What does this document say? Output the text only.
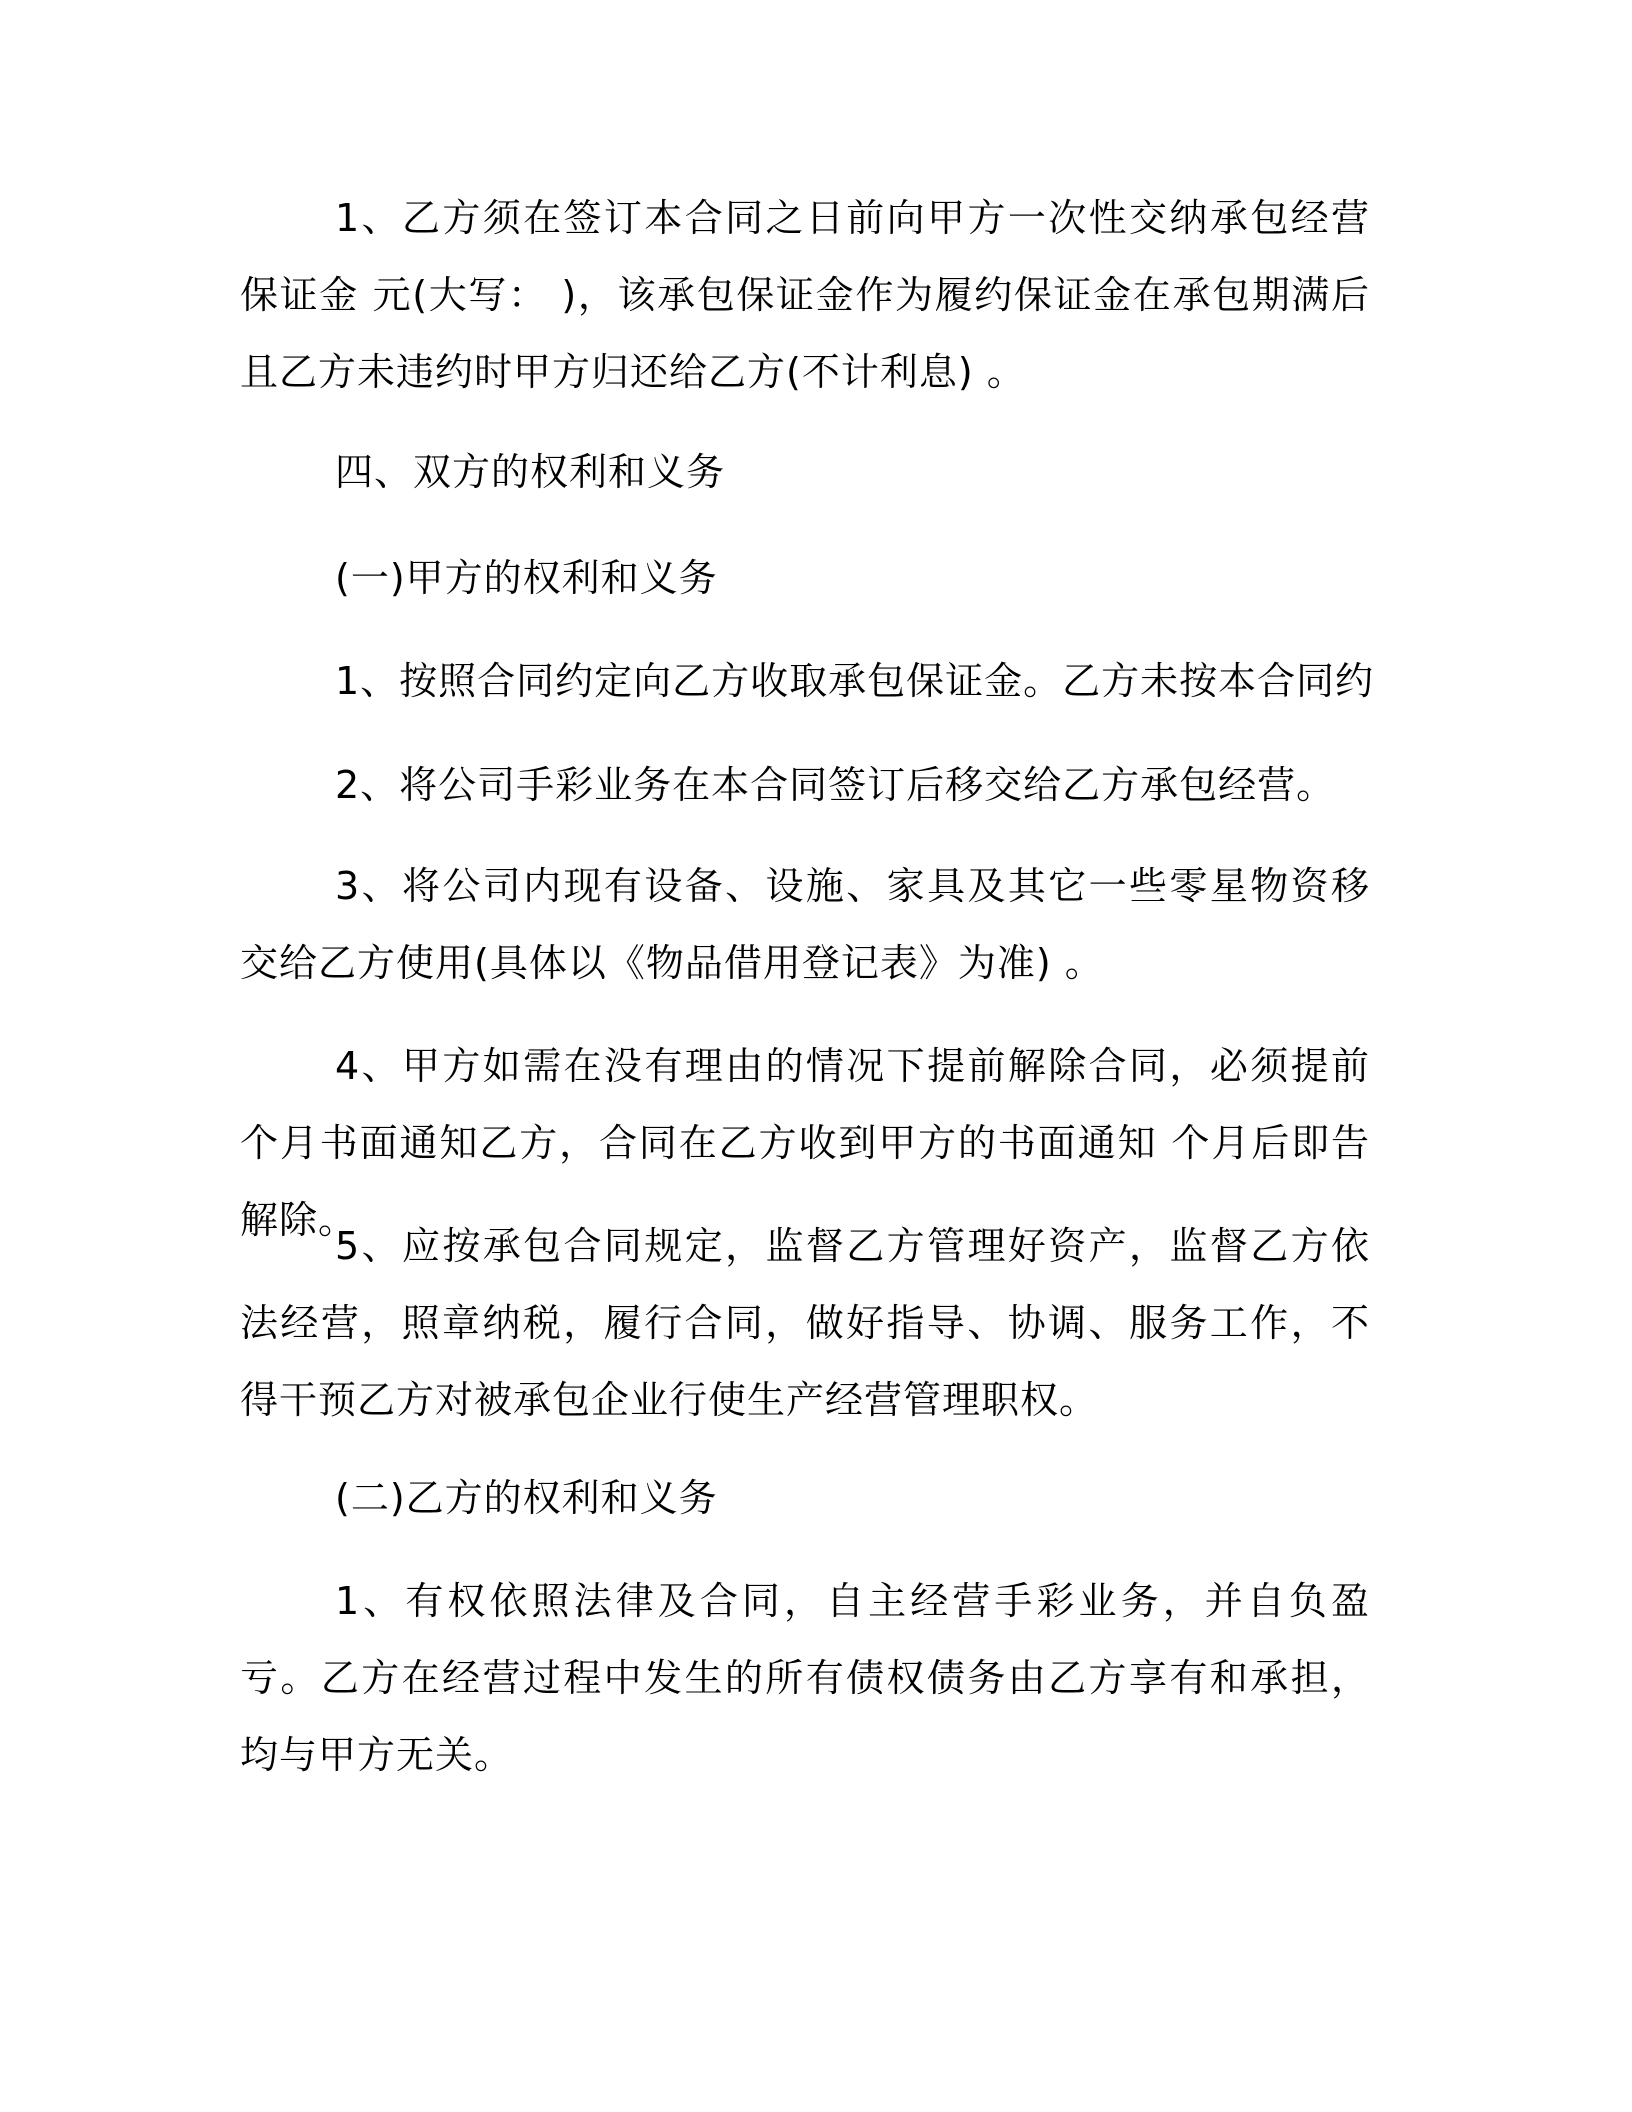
1、乙方须在签订本合同之日前向甲方一次性交纳承包经营保证金 元(大写： )，该承包保证金作为履约保证金在承包期满后且乙方未违约时甲方归还给乙方(不计利息) 。

四、双方的权利和义务

(一)甲方的权利和义务

1、按照合同约定向乙方收取承包保证金。乙方未按本合同约

2、将公司手彩业务在本合同签订后移交给乙方承包经营。

3、将公司内现有设备、设施、家具及其它一些零星物资移交给乙方使用(具体以《物品借用登记表》为准) 。

4、甲方如需在没有理由的情况下提前解除合同，必须提前 个月书面通知乙方，合同在乙方收到甲方的书面通知 个月后即告解除。

5、应按承包合同规定，监督乙方管理好资产，监督乙方依法经营，照章纳税，履行合同，做好指导、协调、服务工作，不得干预乙方对被承包企业行使生产经营管理职权。

(二)乙方的权利和义务

1、有权依照法律及合同，自主经营手彩业务，并自负盈亏。乙方在经营过程中发生的所有债权债务由乙方享有和承担，均与甲方无关。
